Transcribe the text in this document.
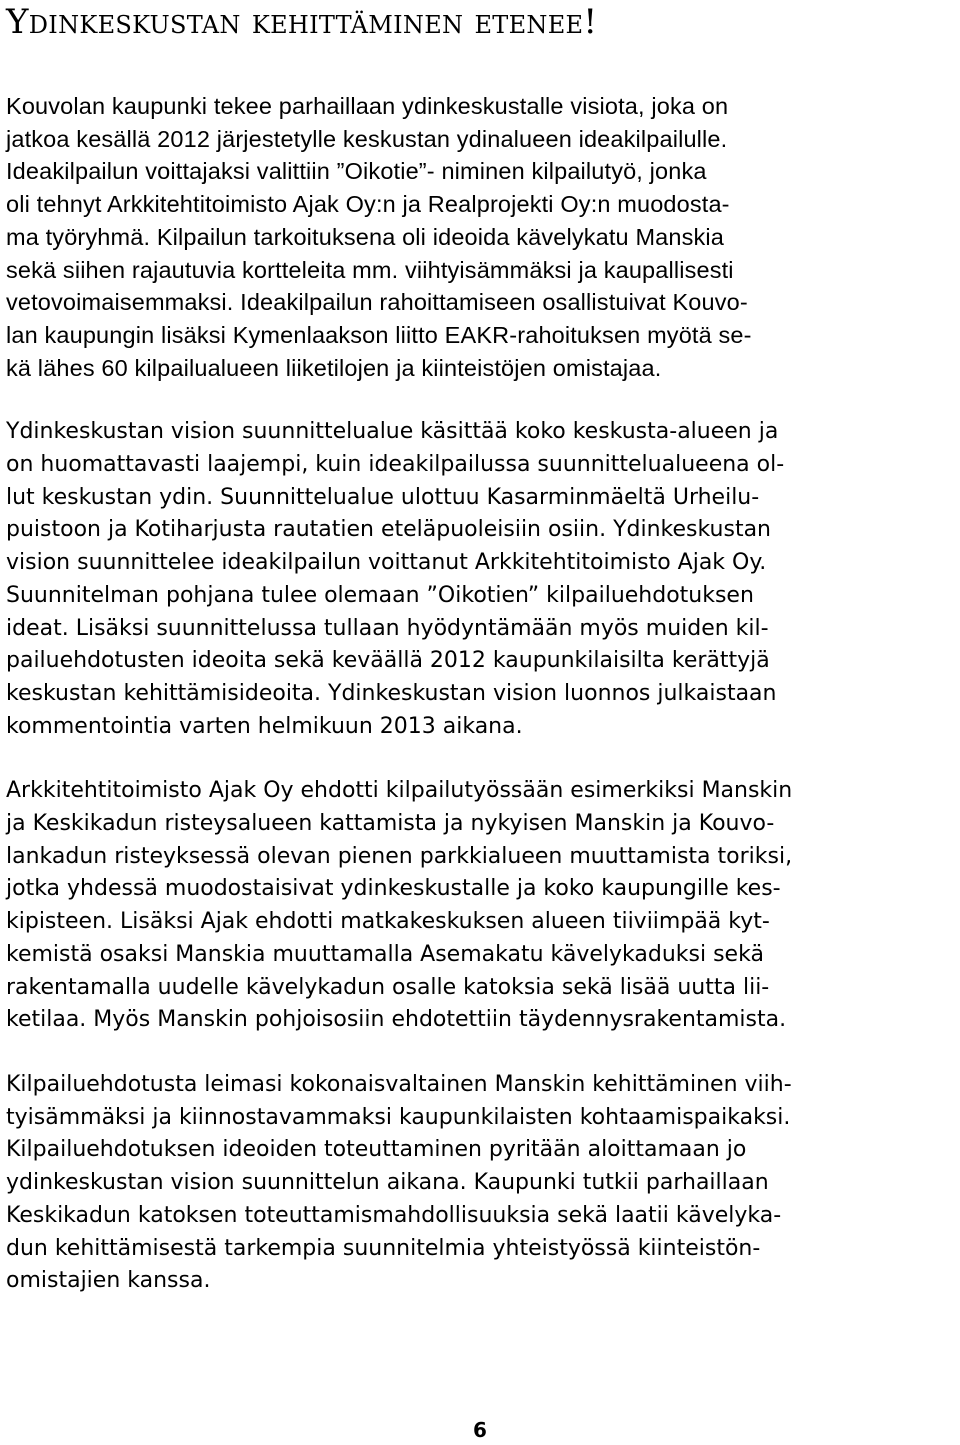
Ydinkeskustan kehittäminen etenee!

Kouvolan kaupunki tekee parhaillaan ydinkeskustalle visiota, joka on
jatkoa kesällä 2012 järjestetylle keskustan ydinalueen ideakilpailulle.
Ideakilpailun voittajaksi valittiin ”Oikotie”- niminen kilpailutyö, jonka
oli tehnyt Arkkitehtitoimisto Ajak Oy:n ja Realprojekti Oy:n muodosta-
ma työryhmä. Kilpailun tarkoituksena oli ideoida kävelykatu Manskia
sekä siihen rajautuvia kortteleita mm. viihtyisämmäksi ja kaupallisesti
vetovoimaisemmaksi. Ideakilpailun rahoittamiseen osallistuivat Kouvo-
lan kaupungin lisäksi Kymenlaakson liitto EAKR-rahoituksen myötä se-
kä lähes 60 kilpailualueen liiketilojen ja kiinteistöjen omistajaa.

Ydinkeskustan vision suunnittelualue käsittää koko keskusta-alueen ja
on huomattavasti laajempi, kuin ideakilpailussa suunnittelualueena ol-
lut keskustan ydin. Suunnittelualue ulottuu Kasarminmäeltä Urheilu-
puistoon ja Kotiharjusta rautatien eteläpuoleisiin osiin. Ydinkeskustan
vision suunnittelee ideakilpailun voittanut Arkkitehtitoimisto Ajak Oy.
Suunnitelman pohjana tulee olemaan ”Oikotien” kilpailuehdotuksen
ideat. Lisäksi suunnittelussa tullaan hyödyntämään myös muiden kil-
pailuehdotusten ideoita sekä keväällä 2012 kaupunkilaisilta kerättyjä
keskustan kehittämisideoita. Ydinkeskustan vision luonnos julkaistaan
kommentointia varten helmikuun 2013 aikana.

Arkkitehtitoimisto Ajak Oy ehdotti kilpailutyössään esimerkiksi Manskin
ja Keskikadun risteysalueen kattamista ja nykyisen Manskin ja Kouvo-
lankadun risteyksessä olevan pienen parkkialueen muuttamista toriksi,
jotka yhdessä muodostaisivat ydinkeskustalle ja koko kaupungille kes-
kipisteen. Lisäksi Ajak ehdotti matkakeskuksen alueen tiiviimpää kyt-
kemistä osaksi Manskia muuttamalla Asemakatu kävelykaduksi sekä
rakentamalla uudelle kävelykadun osalle katoksia sekä lisää uutta lii-
ketilaa. Myös Manskin pohjoisosiin ehdotettiin täydennysrakentamista.

Kilpailuehdotusta leimasi kokonaisvaltainen Manskin kehittäminen viih-
tyisämmäksi ja kiinnostavammaksi kaupunkilaisten kohtaamispaikaksi.
Kilpailuehdotuksen ideoiden toteuttaminen pyritään aloittamaan jo
ydinkeskustan vision suunnittelun aikana. Kaupunki tutkii parhaillaan
Keskikadun katoksen toteuttamismahdollisuuksia sekä laatii kävelyka-
dun kehittämisestä tarkempia suunnitelmia yhteistyössä kiinteistön-
omistajien kanssa.

6
